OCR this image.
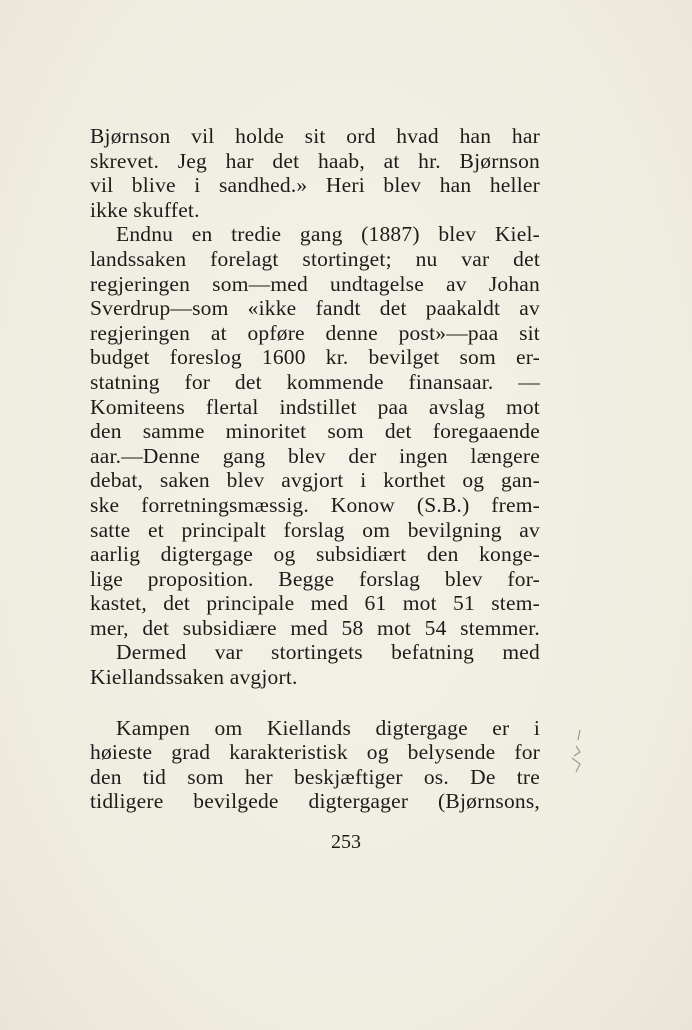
Bjørnson vil holde sit ord hvad han har
skrevet. Jeg har det haab, at hr. Bjørnson
vil blive i sandhed.» Heri blev han heller
ikke skuffet.
Endnu en tredie gang (1887) blev Kiel-
landssaken forelagt stortinget; nu var det
regjeringen som—med undtagelse av Johan
Sverdrup—som «ikke fandt det paakaldt av
regjeringen at opføre denne post»—paa sit
budget foreslog 1600 kr. bevilget som er-
statning for det kommende finansaar. —
Komiteens flertal indstillet paa avslag mot
den samme minoritet som det foregaaende
aar.—Denne gang blev der ingen længere
debat, saken blev avgjort i korthet og gan-
ske forretningsmæssig. Konow (S.B.) frem-
satte et principalt forslag om bevilgning av
aarlig digtergage og subsidiært den konge-
lige proposition. Begge forslag blev for-
kastet, det principale med 61 mot 51 stem-
mer, det subsidiære med 58 mot 54 stemmer.
Dermed var stortingets befatning med
Kiellandssaken avgjort.
Kampen om Kiellands digtergage er i
høieste grad karakteristisk og belysende for
den tid som her beskjæftiger os. De tre
tidligere bevilgede digtergager (Bjørnsons,
253
